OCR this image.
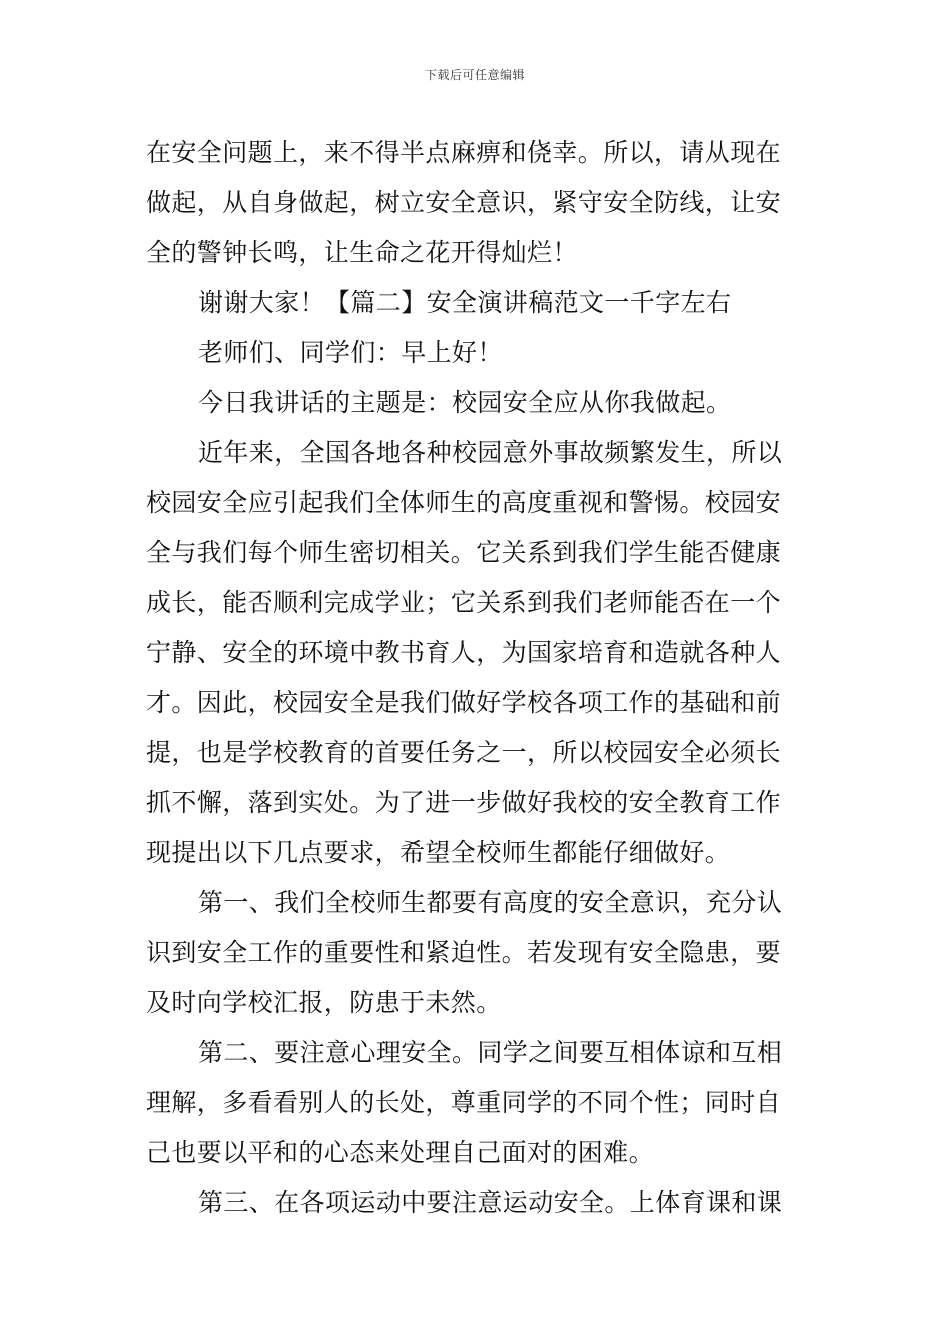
下载后可任意编辑
在安全问题上，来不得半点麻痹和侥幸。所以，请从现在
做起，从自身做起，树立安全意识，紧守安全防线，让安
全的警钟长鸣，让生命之花开得灿烂！
谢谢大家！【篇二】安全演讲稿范文一千字左右
老师们、同学们：早上好！
今日我讲话的主题是：校园安全应从你我做起。
近年来，全国各地各种校园意外事故频繁发生，所以
校园安全应引起我们全体师生的高度重视和警惕。校园安
全与我们每个师生密切相关。它关系到我们学生能否健康
成长，能否顺利完成学业；它关系到我们老师能否在一个
宁静、安全的环境中教书育人，为国家培育和造就各种人
才。因此，校园安全是我们做好学校各项工作的基础和前
提，也是学校教育的首要任务之一，所以校园安全必须长
抓不懈，落到实处。为了进一步做好我校的安全教育工作
现提出以下几点要求，希望全校师生都能仔细做好。
第一、我们全校师生都要有高度的安全意识，充分认
识到安全工作的重要性和紧迫性。若发现有安全隐患，要
及时向学校汇报，防患于未然。
第二、要注意心理安全。同学之间要互相体谅和互相
理解，多看看别人的长处，尊重同学的不同个性；同时自
己也要以平和的心态来处理自己面对的困难。
第三、在各项运动中要注意运动安全。上体育课和课
